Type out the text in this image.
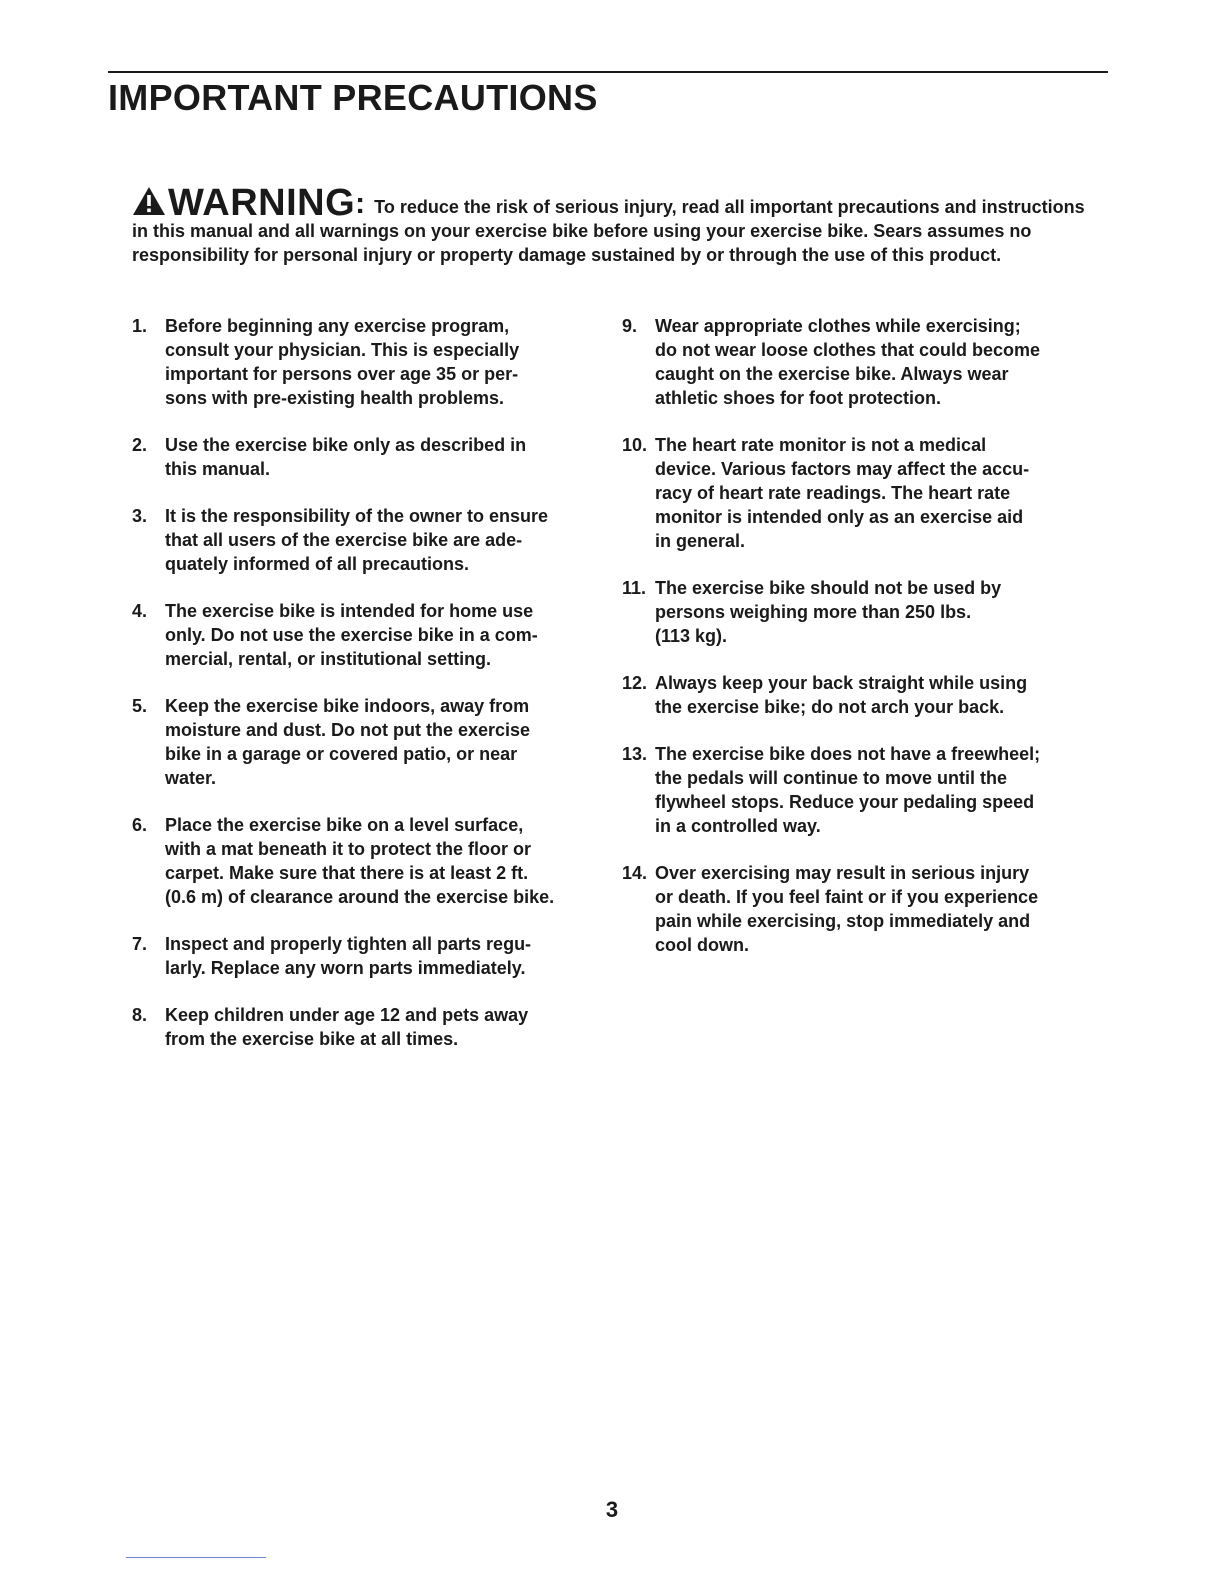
IMPORTANT PRECAUTIONS
WARNING: To reduce the risk of serious injury, read all important precautions and instructions in this manual and all warnings on your exercise bike before using your exercise bike. Sears assumes no responsibility for personal injury or property damage sustained by or through the use of this product.
1. Before beginning any exercise program,
consult your physician. This is especially
important for persons over age 35 or per-
sons with pre-existing health problems.
2. Use the exercise bike only as described in
this manual.
3. It is the responsibility of the owner to ensure
that all users of the exercise bike are ade-
quately informed of all precautions.
4. The exercise bike is intended for home use
only. Do not use the exercise bike in a com-
mercial, rental, or institutional setting.
5. Keep the exercise bike indoors, away from
moisture and dust. Do not put the exercise
bike in a garage or covered patio, or near
water.
6. Place the exercise bike on a level surface,
with a mat beneath it to protect the floor or
carpet. Make sure that there is at least 2 ft.
(0.6 m) of clearance around the exercise bike.
7. Inspect and properly tighten all parts regu-
larly. Replace any worn parts immediately.
8. Keep children under age 12 and pets away
from the exercise bike at all times.
9. Wear appropriate clothes while exercising;
do not wear loose clothes that could become
caught on the exercise bike. Always wear
athletic shoes for foot protection.
10. The heart rate monitor is not a medical
device. Various factors may affect the accu-
racy of heart rate readings. The heart rate
monitor is intended only as an exercise aid
in general.
11. The exercise bike should not be used by
persons weighing more than 250 lbs.
(113 kg).
12. Always keep your back straight while using
the exercise bike; do not arch your back.
13. The exercise bike does not have a freewheel;
the pedals will continue to move until the
flywheel stops. Reduce your pedaling speed
in a controlled way.
14. Over exercising may result in serious injury
or death. If you feel faint or if you experience
pain while exercising, stop immediately and
cool down.
3
